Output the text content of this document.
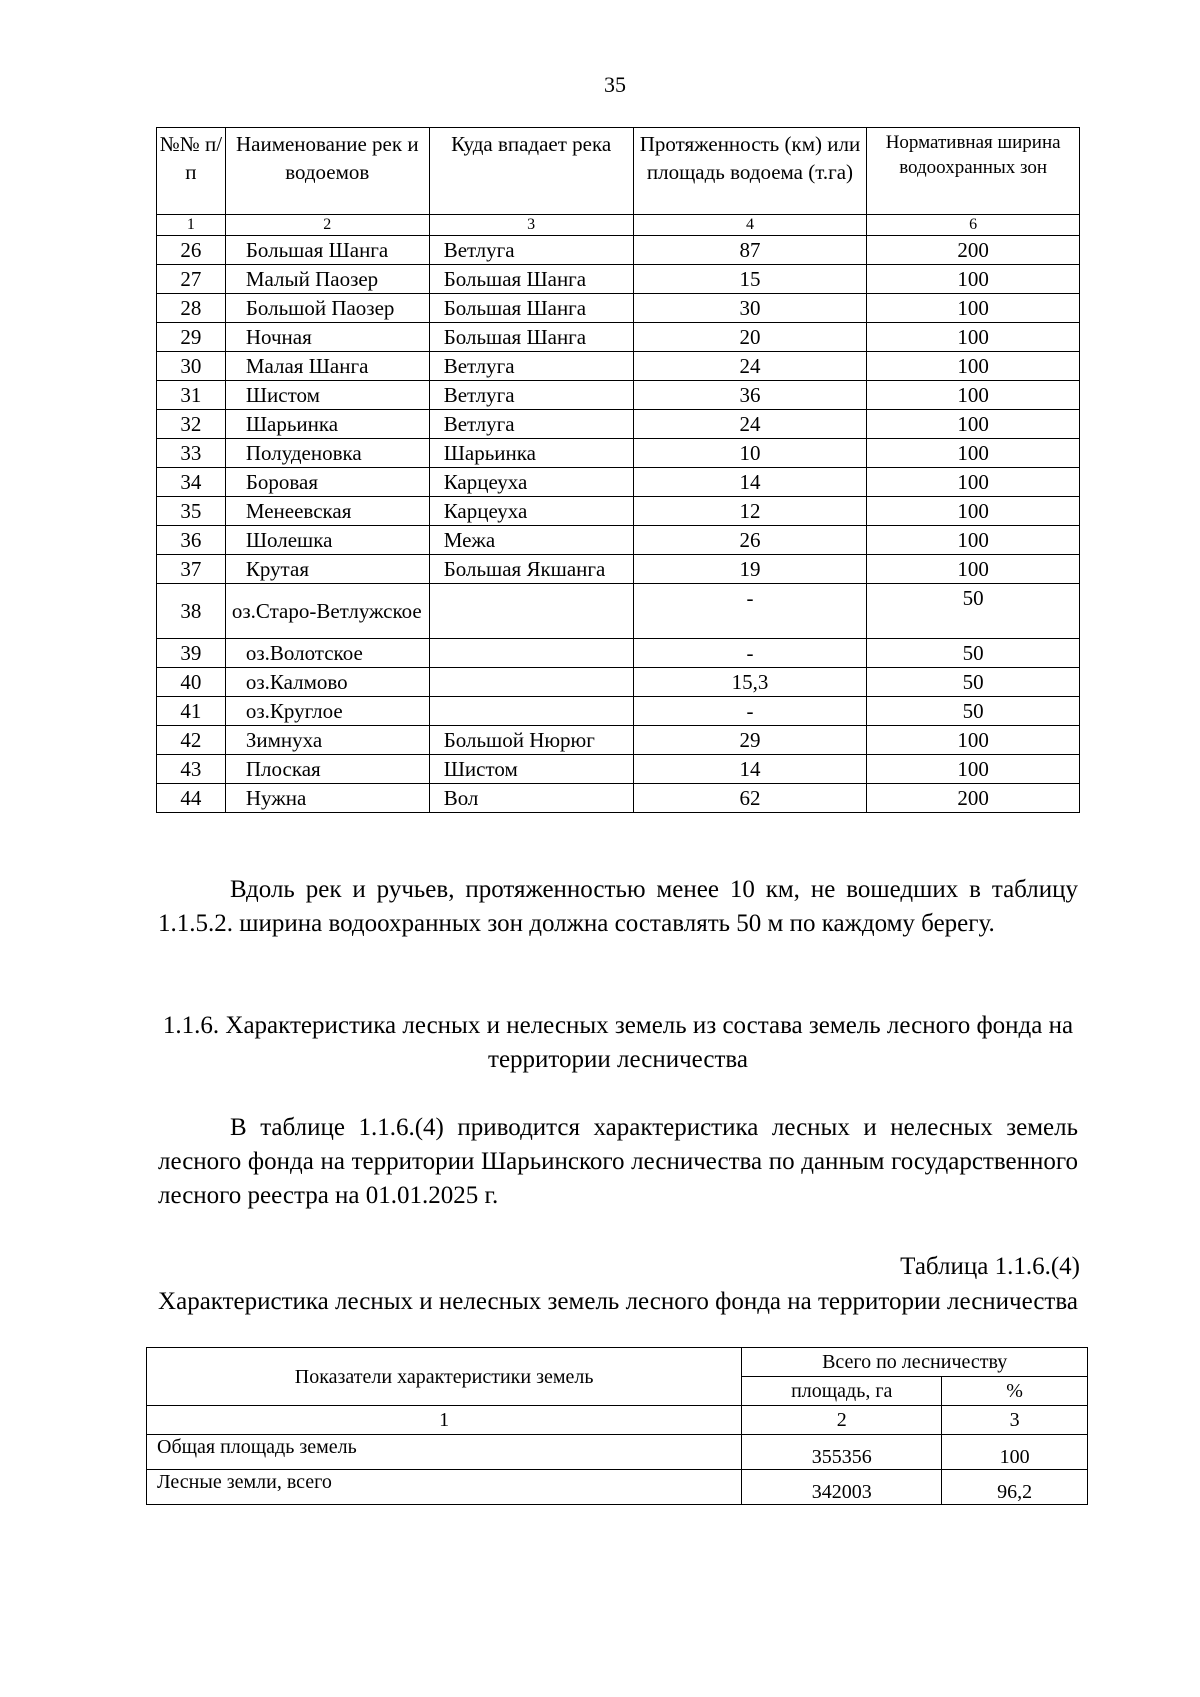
35
№№ п/п	Наименование рек и водоемов	Куда впадает река	Протяженность (км) или площадь водоема (т.га)	Нормативная ширина водоохранных зон
1	2	3	4	6
26	Большая Шанга	Ветлуга	87	200
27	Малый Паозер	Большая Шанга	15	100
28	Большой Паозер	Большая Шанга	30	100
29	Ночная	Большая Шанга	20	100
30	Малая Шанга	Ветлуга	24	100
31	Шистом	Ветлуга	36	100
32	Шарьинка	Ветлуга	24	100
33	Полуденовка	Шарьинка	10	100
34	Боровая	Карцеуха	14	100
35	Менеевская	Карцеуха	12	100
36	Шолешка	Межа	26	100
37	Крутая	Большая Якшанга	19	100
38	оз.Старо-Ветлужское		-	50
39	оз.Волотское		-	50
40	оз.Калмово		15,3	50
41	оз.Круглое		-	50
42	Зимнуха	Большой Нюрюг	29	100
43	Плоская	Шистом	14	100
44	Нужна	Вол	62	200
Вдоль рек и ручьев, протяженностью менее 10 км, не вошедших в таблицу 1.1.5.2. ширина водоохранных зон должна составлять 50 м по каждому берегу.
1.1.6. Характеристика лесных и нелесных земель из состава земель лесного фонда на территории лесничества
В таблице 1.1.6.(4) приводится характеристика лесных и нелесных земель лесного фонда на территории Шарьинского лесничества по данным государственного лесного реестра на 01.01.2025 г.
Таблица 1.1.6.(4)
Характеристика лесных и нелесных земель лесного фонда на территории лесничества
Показатели характеристики земель	Всего по лесничеству	
	площадь, га	%
1	2	3
Общая площадь земель	355356	100
Лесные земли, всего	342003	96,2
